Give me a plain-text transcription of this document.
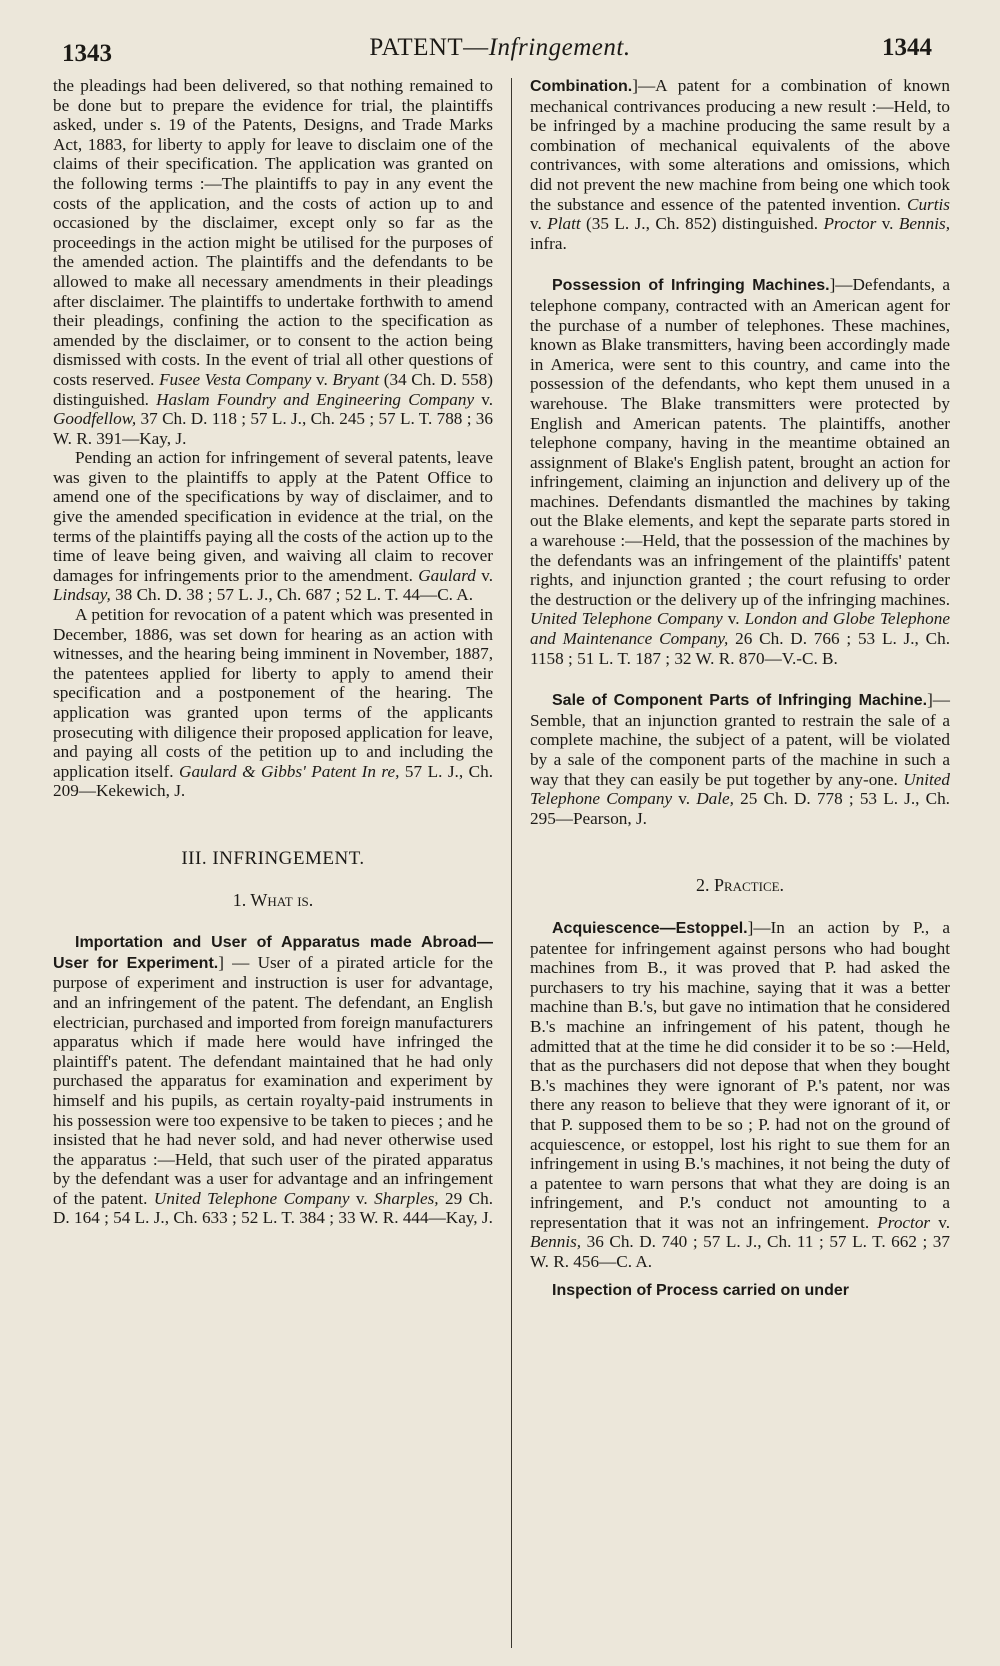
1343	PATENT—Infringement.	1344

the pleadings had been delivered, so that nothing remained to be done but to prepare the evidence for trial, the plaintiffs asked, under s. 19 of the Patents, Designs, and Trade Marks Act, 1883, for liberty to apply for leave to disclaim one of the claims of their specification. The application was granted on the following terms :—The plaintiffs to pay in any event the costs of the application, and the costs of action up to and occasioned by the disclaimer, except only so far as the proceedings in the action might be utilised for the purposes of the amended action. The plaintiffs and the defendants to be allowed to make all necessary amendments in their pleadings after disclaimer. The plaintiffs to undertake forthwith to amend their pleadings, confining the action to the specification as amended by the disclaimer, or to consent to the action being dismissed with costs. In the event of trial all other questions of costs reserved. Fusee Vesta Company v. Bryant (34 Ch. D. 558) distinguished. Haslam Foundry and Engineering Company v. Goodfellow, 37 Ch. D. 118 ; 57 L. J., Ch. 245 ; 57 L. T. 788 ; 36 W. R. 391—Kay, J.

Pending an action for infringement of several patents, leave was given to the plaintiffs to apply at the Patent Office to amend one of the specifications by way of disclaimer, and to give the amended specification in evidence at the trial, on the terms of the plaintiffs paying all the costs of the action up to the time of leave being given, and waiving all claim to recover damages for infringements prior to the amendment. Gaulard v. Lindsay, 38 Ch. D. 38 ; 57 L. J., Ch. 687 ; 52 L. T. 44—C. A.

A petition for revocation of a patent which was presented in December, 1886, was set down for hearing as an action with witnesses, and the hearing being imminent in November, 1887, the patentees applied for liberty to apply to amend their specification and a postponement of the hearing. The application was granted upon terms of the applicants prosecuting with diligence their proposed application for leave, and paying all costs of the petition up to and including the application itself. Gaulard & Gibbs' Patent In re, 57 L. J., Ch. 209—Kekewich, J.

III. INFRINGEMENT.

1. What is.

Importation and User of Apparatus made Abroad—User for Experiment.] — User of a pirated article for the purpose of experiment and instruction is user for advantage, and an infringement of the patent. The defendant, an English electrician, purchased and imported from foreign manufacturers apparatus which if made here would have infringed the plaintiff's patent. The defendant maintained that he had only purchased the apparatus for examination and experiment by himself and his pupils, as certain royalty-paid instruments in his possession were too expensive to be taken to pieces ; and he insisted that he had never sold, and had never otherwise used the apparatus :—Held, that such user of the pirated apparatus by the defendant was a user for advantage and an infringement of the patent. United Telephone Company v. Sharples, 29 Ch. D. 164 ; 54 L. J., Ch. 633 ; 52 L. T. 384 ; 33 W. R. 444—Kay, J.

Combination.]—A patent for a combination of known mechanical contrivances producing a new result :—Held, to be infringed by a machine producing the same result by a combination of mechanical equivalents of the above contrivances, with some alterations and omissions, which did not prevent the new machine from being one which took the substance and essence of the patented invention. Curtis v. Platt (35 L. J., Ch. 852) distinguished. Proctor v. Bennis, infra.

Possession of Infringing Machines.]—Defendants, a telephone company, contracted with an American agent for the purchase of a number of telephones. These machines, known as Blake transmitters, having been accordingly made in America, were sent to this country, and came into the possession of the defendants, who kept them unused in a warehouse. The Blake transmitters were protected by English and American patents. The plaintiffs, another telephone company, having in the meantime obtained an assignment of Blake's English patent, brought an action for infringement, claiming an injunction and delivery up of the machines. Defendants dismantled the machines by taking out the Blake elements, and kept the separate parts stored in a warehouse :—Held, that the possession of the machines by the defendants was an infringement of the plaintiffs' patent rights, and injunction granted ; the court refusing to order the destruction or the delivery up of the infringing machines. United Telephone Company v. London and Globe Telephone and Maintenance Company, 26 Ch. D. 766 ; 53 L. J., Ch. 1158 ; 51 L. T. 187 ; 32 W. R. 870—V.-C. B.

Sale of Component Parts of Infringing Machine.]—Semble, that an injunction granted to restrain the sale of a complete machine, the subject of a patent, will be violated by a sale of the component parts of the machine in such a way that they can easily be put together by any-one. United Telephone Company v. Dale, 25 Ch. D. 778 ; 53 L. J., Ch. 295—Pearson, J.

2. Practice.

Acquiescence—Estoppel.]—In an action by P., a patentee for infringement against persons who had bought machines from B., it was proved that P. had asked the purchasers to try his machine, saying that it was a better machine than B.'s, but gave no intimation that he considered B.'s machine an infringement of his patent, though he admitted that at the time he did consider it to be so :—Held, that as the purchasers did not depose that when they bought B.'s machines they were ignorant of P.'s patent, nor was there any reason to believe that they were ignorant of it, or that P. supposed them to be so ; P. had not on the ground of acquiescence, or estoppel, lost his right to sue them for an infringement in using B.'s machines, it not being the duty of a patentee to warn persons that what they are doing is an infringement, and P.'s conduct not amounting to a representation that it was not an infringement. Proctor v. Bennis, 36 Ch. D. 740 ; 57 L. J., Ch. 11 ; 57 L. T. 662 ; 37 W. R. 456—C. A.

Inspection of Process carried on under
